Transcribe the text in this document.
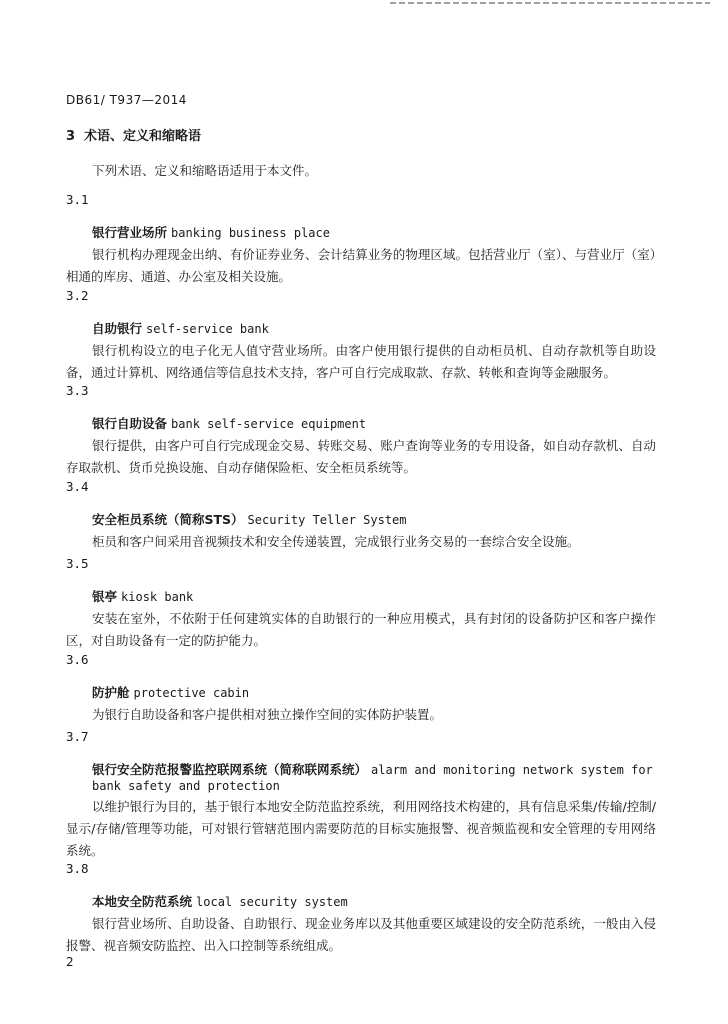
DB61/ T937—2014
3 术语、定义和缩略语
下列术语、定义和缩略语适用于本文件。
3.1
银行营业场所 banking business place
银行机构办理现金出纳、有价证券业务、会计结算业务的物理区域。包括营业厅（室）、与营业厅（室）相通的库房、通道、办公室及相关设施。
3.2
自助银行 self-service bank
银行机构设立的电子化无人值守营业场所。由客户使用银行提供的自动柜员机、自动存款机等自助设备，通过计算机、网络通信等信息技术支持，客户可自行完成取款、存款、转帐和查询等金融服务。
3.3
银行自助设备 bank self-service equipment
银行提供，由客户可自行完成现金交易、转账交易、账户查询等业务的专用设备，如自动存款机、自动存取款机、货币兑换设施、自动存储保险柜、安全柜员系统等。
3.4
安全柜员系统（简称STS） Security Teller System
柜员和客户间采用音视频技术和安全传递装置，完成银行业务交易的一套综合安全设施。
3.5
银亭 kiosk bank
安装在室外，不依附于任何建筑实体的自助银行的一种应用模式，具有封闭的设备防护区和客户操作区，对自助设备有一定的防护能力。
3.6
防护舱 protective cabin
为银行自助设备和客户提供相对独立操作空间的实体防护装置。
3.7
银行安全防范报警监控联网系统（简称联网系统） alarm and monitoring network system for bank safety and protection
以维护银行为目的，基于银行本地安全防范监控系统，利用网络技术构建的，具有信息采集/传输/控制/显示/存储/管理等功能，可对银行管辖范围内需要防范的目标实施报警、视音频监视和安全管理的专用网络系统。
3.8
本地安全防范系统 local security system
银行营业场所、自助设备、自助银行、现金业务库以及其他重要区域建设的安全防范系统，一般由入侵报警、视音频安防监控、出入口控制等系统组成。
2
